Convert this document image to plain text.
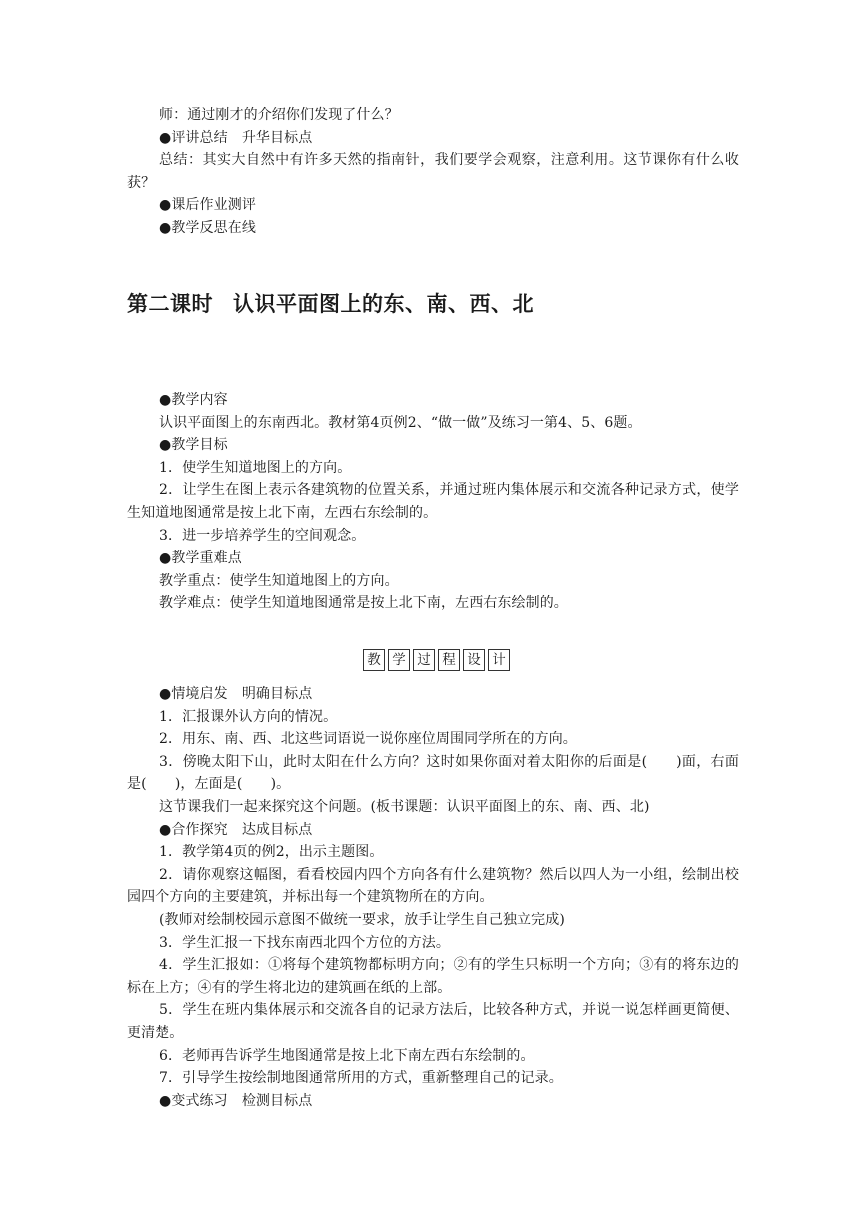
师：通过刚才的介绍你们发现了什么？

●评讲总结　升华目标点

总结：其实大自然中有许多天然的指南针，我们要学会观察，注意利用。这节课你有什么收获？

●课后作业测评

●教学反思在线

第二课时 认识平面图上的东、南、西、北

●教学内容

认识平面图上的东南西北。教材第4页例2、“做一做”及练习一第4、5、6题。

●教学目标

1．使学生知道地图上的方向。

2．让学生在图上表示各建筑物的位置关系，并通过班内集体展示和交流各种记录方式，使学生知道地图通常是按上北下南，左西右东绘制的。

3．进一步培养学生的空间观念。

●教学重难点

教学重点：使学生知道地图上的方向。

教学难点：使学生知道地图通常是按上北下南，左西右东绘制的。

教 学 过 程 设 计

●情境启发　明确目标点

1．汇报课外认方向的情况。

2．用东、南、西、北这些词语说一说你座位周围同学所在的方向。

3．傍晚太阳下山，此时太阳在什么方向？这时如果你面对着太阳你的后面是(　　)面，右面是(　　)，左面是(　　)。

这节课我们一起来探究这个问题。(板书课题：认识平面图上的东、南、西、北)

●合作探究　达成目标点

1．教学第4页的例2，出示主题图。

2．请你观察这幅图，看看校园内四个方向各有什么建筑物？然后以四人为一小组，绘制出校园四个方向的主要建筑，并标出每一个建筑物所在的方向。

(教师对绘制校园示意图不做统一要求，放手让学生自己独立完成)

3．学生汇报一下找东南西北四个方位的方法。

4．学生汇报如：①将每个建筑物都标明方向；②有的学生只标明一个方向；③有的将东边的标在上方；④有的学生将北边的建筑画在纸的上部。

5．学生在班内集体展示和交流各自的记录方法后，比较各种方式，并说一说怎样画更简便、更清楚。

6．老师再告诉学生地图通常是按上北下南左西右东绘制的。

7．引导学生按绘制地图通常所用的方式，重新整理自己的记录。

●变式练习　检测目标点
